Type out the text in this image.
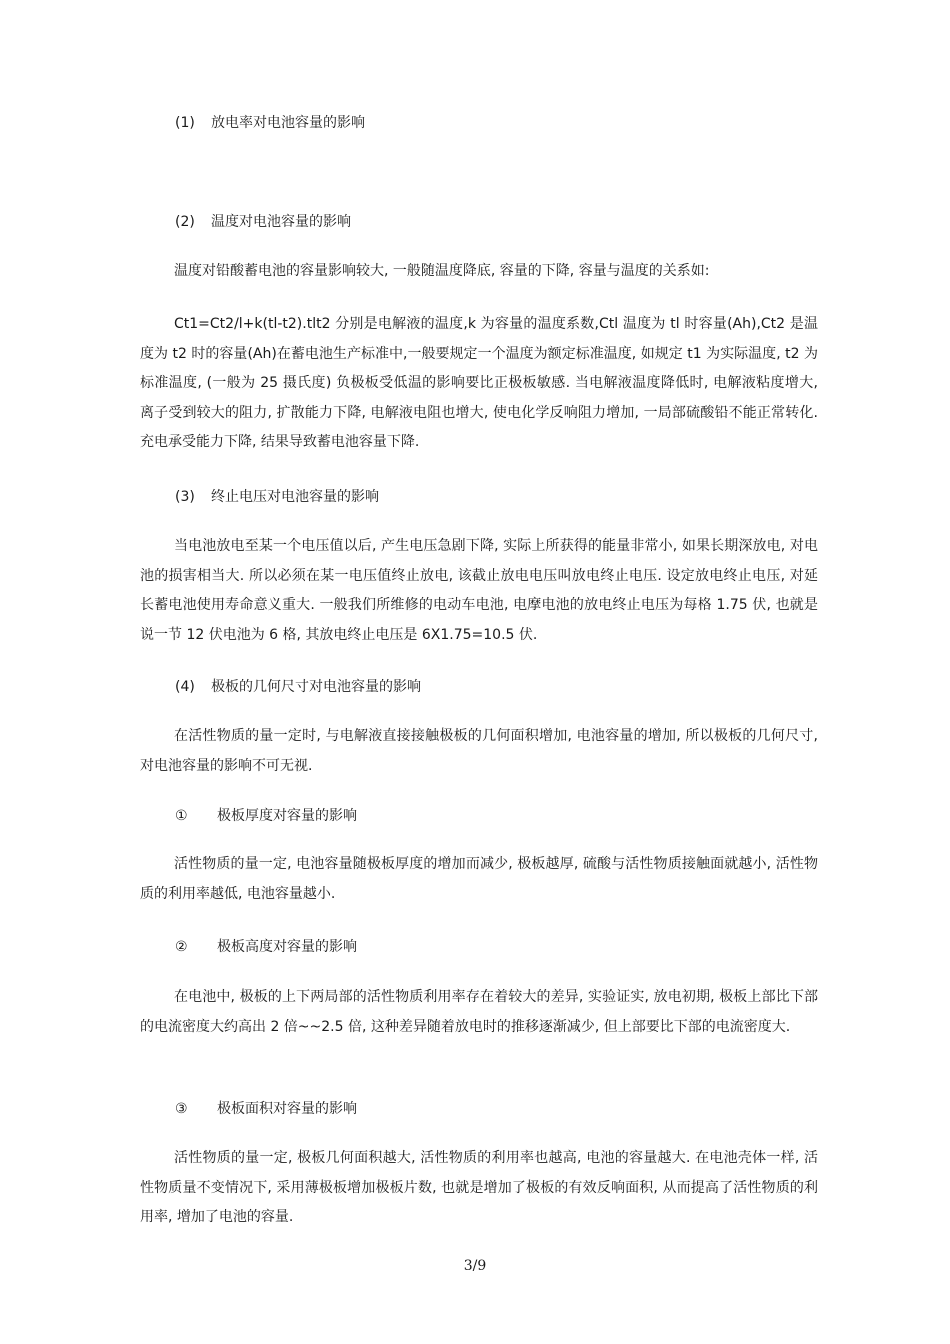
(1) 放电率对电池容量的影响
(2) 温度对电池容量的影响
温度对铅酸蓄电池的容量影响较大, 一般随温度降底, 容量的下降, 容量与温度的关系如:
Ct1=Ct2/l+k(tl-t2).tlt2 分别是电解液的温度,k 为容量的温度系数,Ctl 温度为 tl 时容量(Ah),Ct2 是温度为 t2 时的容量(Ah)在蓄电池生产标准中,一般要规定一个温度为额定标准温度, 如规定 t1 为实际温度, t2 为标准温度, (一般为 25 摄氏度) 负极板受低温的影响要比正极板敏感. 当电解液温度降低时, 电解液粘度增大, 离子受到较大的阻力, 扩散能力下降, 电解液电阻也增大, 使电化学反响阻力增加, 一局部硫酸铅不能正常转化. 充电承受能力下降, 结果导致蓄电池容量下降.
(3) 终止电压对电池容量的影响
当电池放电至某一个电压值以后, 产生电压急剧下降, 实际上所获得的能量非常小, 如果长期深放电, 对电池的损害相当大. 所以必须在某一电压值终止放电, 该截止放电电压叫放电终止电压. 设定放电终止电压, 对延长蓄电池使用寿命意义重大. 一般我们所维修的电动车电池, 电摩电池的放电终止电压为每格 1.75 伏, 也就是说一节 12 伏电池为 6 格, 其放电终止电压是 6X1.75=10.5 伏.
(4) 极板的几何尺寸对电池容量的影响
在活性物质的量一定时, 与电解液直接接触极板的几何面积增加, 电池容量的增加, 所以极板的几何尺寸, 对电池容量的影响不可无视.
① 极板厚度对容量的影响
活性物质的量一定, 电池容量随极板厚度的增加而减少, 极板越厚, 硫酸与活性物质接触面就越小, 活性物质的利用率越低, 电池容量越小.
② 极板高度对容量的影响
在电池中, 极板的上下两局部的活性物质利用率存在着较大的差异, 实验证实, 放电初期, 极板上部比下部的电流密度大约高出 2 倍~~2.5 倍, 这种差异随着放电时的推移逐渐减少, 但上部要比下部的电流密度大.
③ 极板面积对容量的影响
活性物质的量一定, 极板几何面积越大, 活性物质的利用率也越高, 电池的容量越大. 在电池壳体一样, 活性物质量不变情况下, 采用薄极板增加极板片数, 也就是增加了极板的有效反响面积, 从而提高了活性物质的利用率, 增加了电池的容量.
3/9
